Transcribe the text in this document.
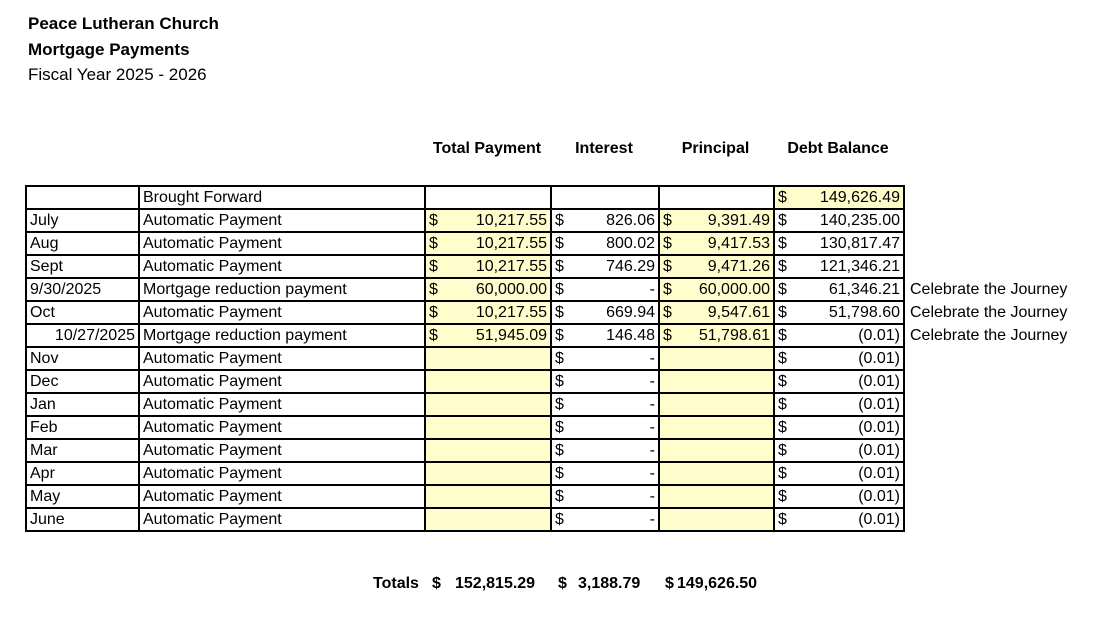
Peace Lutheran Church
Mortgage Payments
Fiscal Year 2025 - 2026
Total Payment	Interest	Principal	Debt Balance
	Brought Forward				$ 149,626.49	

July	Automatic Payment	$ 10,217.55	$ 826.06	$ 9,391.49	$ 140,235.00	

Aug	Automatic Payment	$ 10,217.55	$ 800.02	$ 9,417.53	$ 130,817.47	

Sept	Automatic Payment	$ 10,217.55	$ 746.29	$ 9,471.26	$ 121,346.21	

9/30/2025	Mortgage reduction payment	$ 60,000.00	$ -	$ 60,000.00	$ 61,346.21	Celebrate the Journey
Oct	Automatic Payment	$ 10,217.55	$ 669.94	$ 9,547.61	$ 51,798.60	Celebrate the Journey
10/27/2025	Mortgage reduction payment	$ 51,945.09	$ 146.48	$ 51,798.61	$ (0.01)	Celebrate the Journey
Nov	Automatic Payment		$ -		$ (0.01)	

Dec	Automatic Payment		$ -		$ (0.01)	

Jan	Automatic Payment		$ -		$ (0.01)	

Feb	Automatic Payment		$ -		$ (0.01)	

Mar	Automatic Payment		$ -		$ (0.01)	

Apr	Automatic Payment		$ -		$ (0.01)	

May	Automatic Payment		$ -		$ (0.01)	

June	Automatic Payment		$ -		$ (0.01)	

Totals $ 152,815.29 $ 3,188.79 $ 149,626.50
